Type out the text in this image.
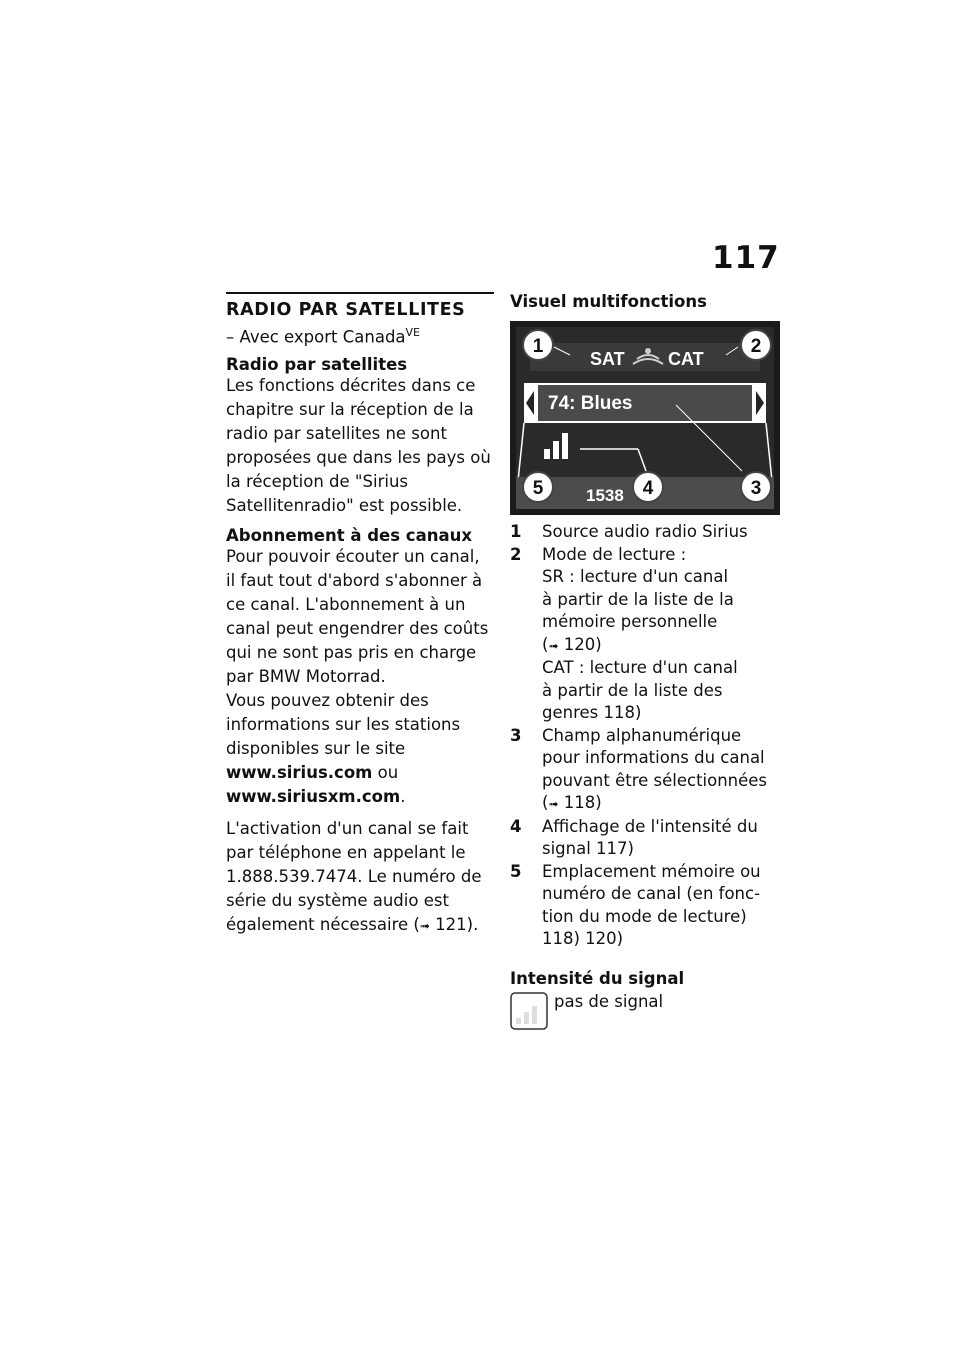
117
RADIO PAR SATELLITES
– Avec export Canada$^{VE}$
Radio par satellites

Les fonctions décrites dans ce chapitre sur la réception de la radio par satellites ne sont proposées que dans les pays où la réception de "Sirius Satellitenradio" est possible.

Abonnement à des canaux

Pour pouvoir écouter un canal, il faut tout d'abord s'abonner à ce canal. L'abonnement à un canal peut engendrer des coûts qui ne sont pas pris en charge par BMW Motorrad.

Vous pouvez obtenir des informations sur les stations disponibles sur le site www.sirius.com ou www.siriusxm.com.

L'activation d'un canal se fait par téléphone en appelant le 1.888.539.7474. Le numéro de série du système audio est également nécessaire (➟ 121).

Visuel multifonctions
SAT CAT
74: Blues
1538
1	2
3
4
5
1	Source audio radio Sirius
2	Mode de lecture :
SR : lecture d'un canal
à partir de la liste de la
mémoire personnelle
(➟ 120)
CAT : lecture d'un canal
à partir de la liste des
genres 118)
3	Champ alphanumérique
pour informations du canal
pouvant être sélectionnées
(➟ 118)
4	Affichage de l'intensité du
signal 117)
5	Emplacement mémoire ou
numéro de canal (en fonc-
tion du mode de lecture)
118) 120)
Intensité du signal
pas de signal
